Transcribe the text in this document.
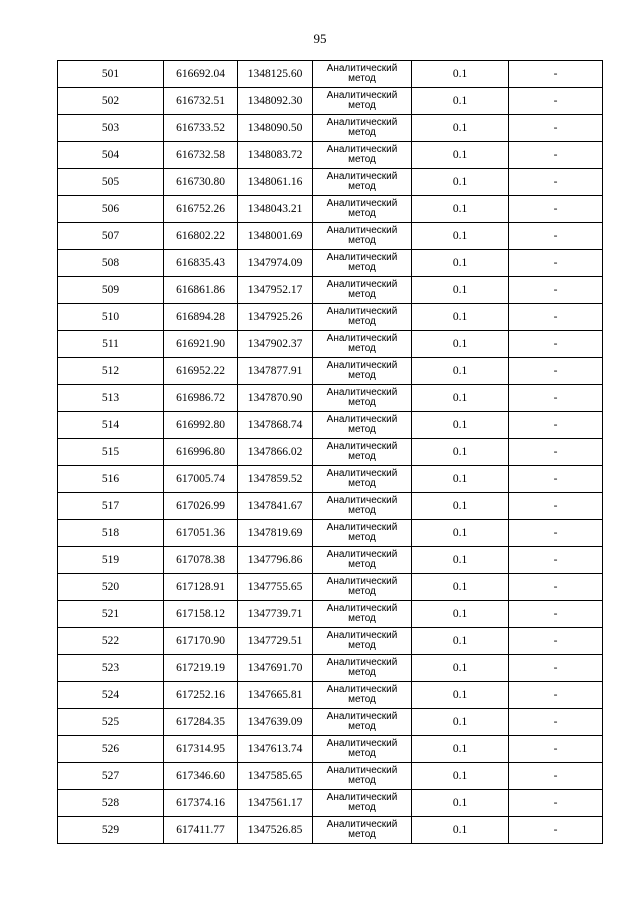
95
501	616692.04	1348125.60	Аналитический метод	0.1	-
502	616732.51	1348092.30	Аналитический метод	0.1	-
503	616733.52	1348090.50	Аналитический метод	0.1	-
504	616732.58	1348083.72	Аналитический метод	0.1	-
505	616730.80	1348061.16	Аналитический метод	0.1	-
506	616752.26	1348043.21	Аналитический метод	0.1	-
507	616802.22	1348001.69	Аналитический метод	0.1	-
508	616835.43	1347974.09	Аналитический метод	0.1	-
509	616861.86	1347952.17	Аналитический метод	0.1	-
510	616894.28	1347925.26	Аналитический метод	0.1	-
511	616921.90	1347902.37	Аналитический метод	0.1	-
512	616952.22	1347877.91	Аналитический метод	0.1	-
513	616986.72	1347870.90	Аналитический метод	0.1	-
514	616992.80	1347868.74	Аналитический метод	0.1	-
515	616996.80	1347866.02	Аналитический метод	0.1	-
516	617005.74	1347859.52	Аналитический метод	0.1	-
517	617026.99	1347841.67	Аналитический метод	0.1	-
518	617051.36	1347819.69	Аналитический метод	0.1	-
519	617078.38	1347796.86	Аналитический метод	0.1	-
520	617128.91	1347755.65	Аналитический метод	0.1	-
521	617158.12	1347739.71	Аналитический метод	0.1	-
522	617170.90	1347729.51	Аналитический метод	0.1	-
523	617219.19	1347691.70	Аналитический метод	0.1	-
524	617252.16	1347665.81	Аналитический метод	0.1	-
525	617284.35	1347639.09	Аналитический метод	0.1	-
526	617314.95	1347613.74	Аналитический метод	0.1	-
527	617346.60	1347585.65	Аналитический метод	0.1	-
528	617374.16	1347561.17	Аналитический метод	0.1	-
529	617411.77	1347526.85	Аналитический метод	0.1	-
